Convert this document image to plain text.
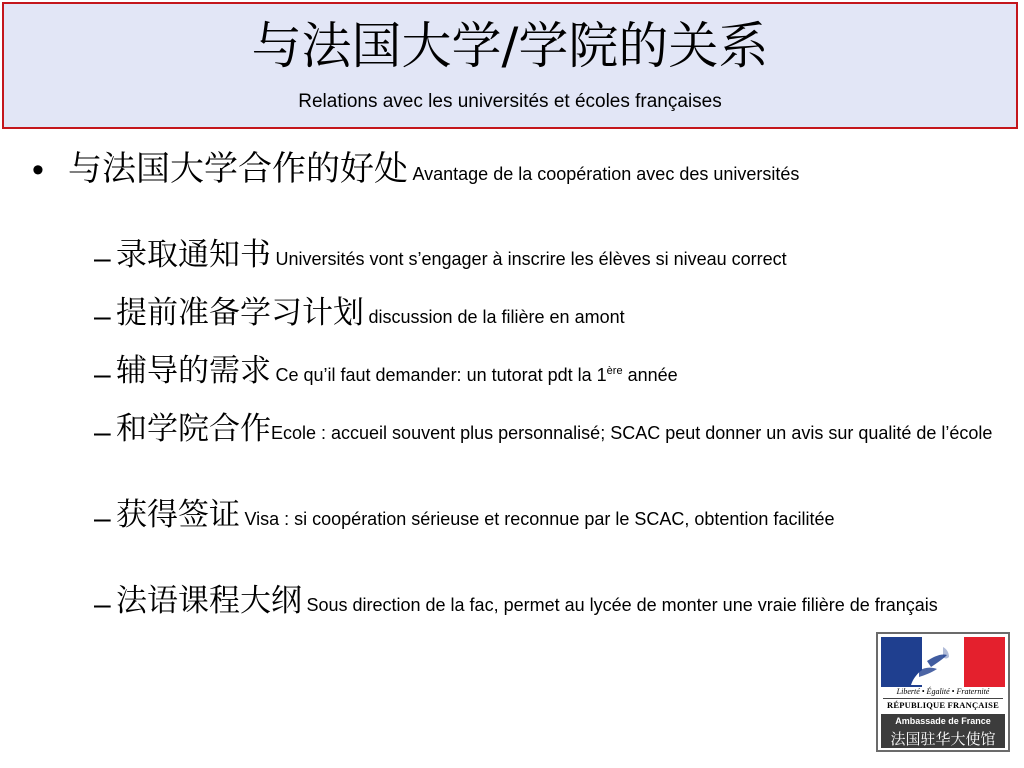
与法国大学/学院的关系
Relations avec les universités et écoles françaises
• 与法国大学合作的好处 Avantage de la coopération avec des universités
– 录取通知书 Universités vont s’engager à inscrire les élèves si niveau correct
– 提前准备学习计划 discussion de la filière en amont
– 辅导的需求 Ce qu’il faut demander: un tutorat pdt la 1ère année
– 和学院合作Ecole : accueil souvent plus personnalisé; SCAC peut donner un avis sur qualité de l’école
– 获得签证 Visa : si coopération sérieuse et reconnue par le SCAC, obtention facilitée
– 法语课程大纲 Sous direction de la fac, permet au lycée de monter une vraie filière de français
Liberté • Égalité • Fraternité
RÉPUBLIQUE FRANÇAISE
Ambassade de France
法国驻华大使馆
